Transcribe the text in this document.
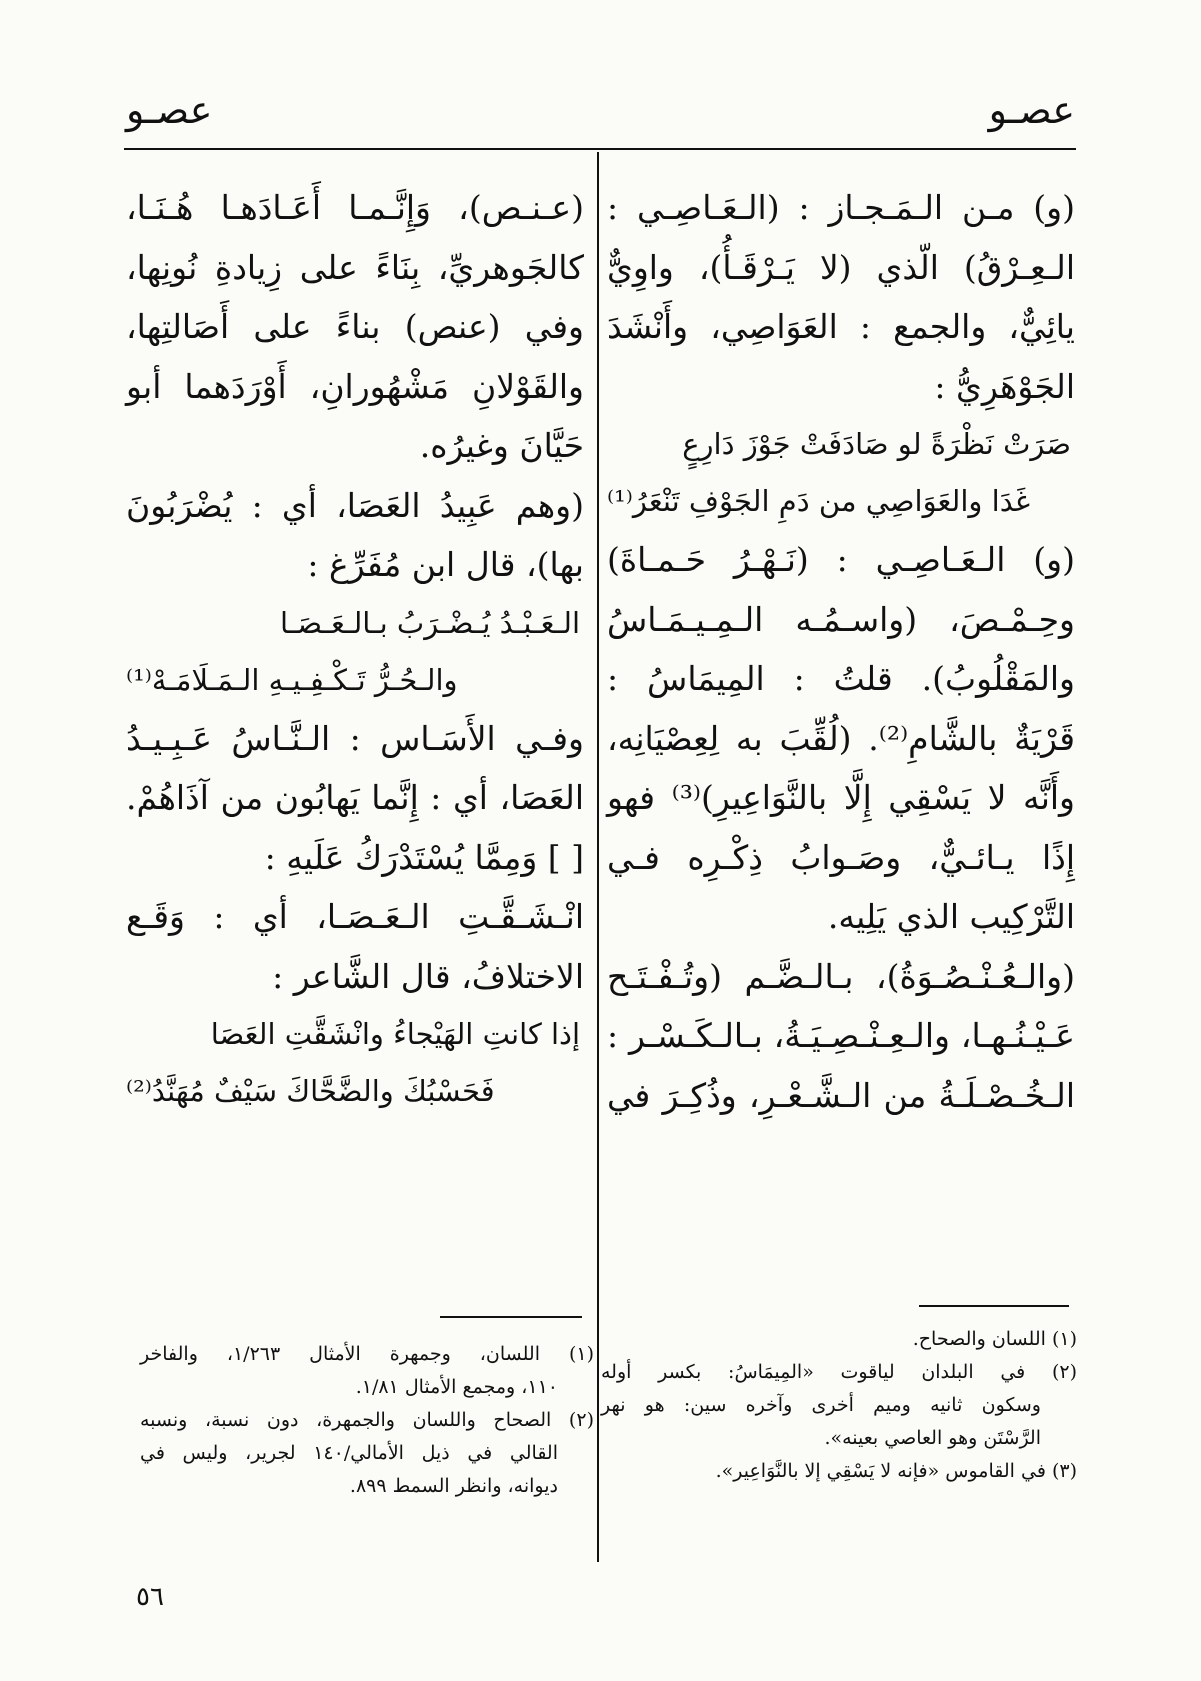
عصـو
عصـو
(و) مـن الـمَـجـاز : (الـعَـاصِـي :
الـعِـرْقُ) الّذي (لا يَـرْقَـأُ)، واوِيٌّ
يائِيٌّ، والجمع : العَوَاصِي، وأَنْشَدَ
الجَوْهَرِيُّ :
صَرَتْ نَظْرَةً لو صَادَفَتْ جَوْزَ دَارِعٍ
غَدَا والعَوَاصِي من دَمِ الجَوْفِ تَنْعَرُ⁽¹⁾
(و) الـعَـاصِـي : (نَـهْـرُ حَـمـاةَ)
وحِـمْـصَ، (واسـمُـه الـمِـيـمَـاسُ
والمَقْلُوبُ). قلتُ : المِيمَاسُ :
قَرْيَةٌ بالشَّامِ⁽²⁾. (لُقِّبَ به لِعِصْيَانِه،
وأَنَّه لا يَسْقِي إِلَّا بالنَّوَاعِيرِ)⁽³⁾ فهو
إِذًا يـائـيٌّ، وصَـوابُ ذِكْـرِه فـي
التَّرْكِيب الذي يَلِيه.
(والـعُـنْـصُـوَةُ)، بـالـضَّـم (وتُـفْـتَـح
عَـيْـنُـهـا، والـعِـنْـصِـيَـةُ، بـالـكَـسْـر :
الـخُـصْـلَـةُ من الـشَّـعْـرِ، وذُكِـرَ في
(١) اللسان والصحاح.
(٢) في البلدان لياقوت «المِيمَاسُ: بكسر أوله
وسكون ثانيه وميم أخرى وآخره سين: هو نهر
الرَّسْتَن وهو العاصي بعينه».
(٣) في القاموس «فإنه لا يَسْقِي إلا بالنَّوَاعِير».
(عـنـص)، وَإِنَّـمـا أَعَـادَهـا هُـنَـا،
كالجَوهريِّ، بِنَاءً على زِيادةِ نُونِها،
وفي (عنص) بناءً على أَصَالتِها،
والقَوْلانِ مَشْهُورانِ، أَوْرَدَهما أبو
حَيَّانَ وغيرُه.
(وهم عَبِيدُ العَصَا، أي : يُضْرَبُونَ
بها)، قال ابن مُفَرِّغ :
الـعَـبْـدُ يُـضْـرَبُ بـالـعَـصَـا
والـحُـرُّ تَـكْـفِـيـهِ الـمَـلَامَـهْ⁽¹⁾
وفـي الأَسَـاس : الـنَّـاسُ عَـبِـيـدُ
العَصَا، أي : إِنَّما يَهابُون من آذَاهُمْ.
[ ] وَمِمَّا يُسْتَدْرَكُ عَلَيهِ :
انْـشَـقَّـتِ الـعَـصَـا، أي : وَقَـع
الاختلافُ، قال الشَّاعر :
إذا كانتِ الهَيْجاءُ وانْشَقَّتِ العَصَا
فَحَسْبُكَ والضَّحَّاكَ سَيْفٌ مُهَنَّدُ⁽²⁾
(١) اللسان، وجمهرة الأمثال ١/٢٦٣، والفاخر
١١٠، ومجمع الأمثال ١/٨١.
(٢) الصحاح واللسان والجمهرة، دون نسبة، ونسبه
القالي في ذيل الأمالي/١٤٠ لجرير، وليس في
ديوانه، وانظر السمط ٨٩٩.
٥٦
